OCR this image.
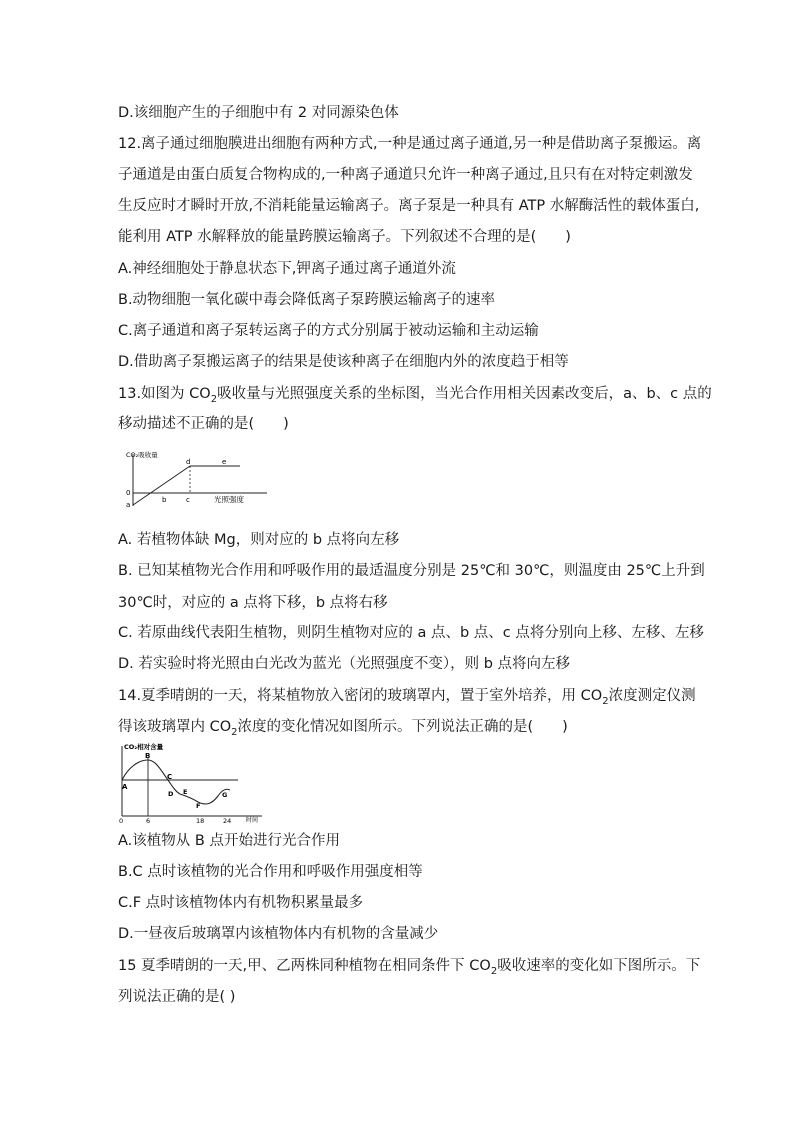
D.该细胞产生的子细胞中有 2 对同源染色体
12.离子通过细胞膜进出细胞有两种方式,一种是通过离子通道,另一种是借助离子泵搬运。离
子通道是由蛋白质复合物构成的,一种离子通道只允许一种离子通过,且只有在对特定刺激发
生反应时才瞬时开放,不消耗能量运输离子。离子泵是一种具有 ATP 水解酶活性的载体蛋白,
能利用 ATP 水解释放的能量跨膜运输离子。下列叙述不合理的是(　　)
A.神经细胞处于静息状态下,钾离子通过离子通道外流
B.动物细胞一氧化碳中毒会降低离子泵跨膜运输离子的速率
C.离子通道和离子泵转运离子的方式分别属于被动运输和主动运输
D.借助离子泵搬运离子的结果是使该种离子在细胞内外的浓度趋于相等
13.如图为 $CO_2$吸收量与光照强度关系的坐标图，当光合作用相关因素改变后，a、b、c 点的
移动描述不正确的是(　　)
CO₂吸收量
光照强度
0
a
b	c
d	e
A. 若植物体缺 Mg，则对应的 b 点将向左移
B. 已知某植物光合作用和呼吸作用的最适温度分别是 25℃和 30℃，则温度由 25℃上升到
30℃时，对应的 a 点将下移，b 点将右移
C. 若原曲线代表阳生植物，则阴生植物对应的 a 点、b 点、c 点将分别向上移、左移、左移
D. 若实验时将光照由白光改为蓝光（光照强度不变），则 b 点将向左移
14.夏季晴朗的一天，将某植物放入密闭的玻璃罩内，置于室外培养，用 $CO_2$浓度测定仪测
得该玻璃罩内 $CO_2$浓度的变化情况如图所示。下列说法正确的是(　　)
CO₂相对含量
时间
0	6	18	24
A
B
C
D E
F
G
A.该植物从 B 点开始进行光合作用
B.C 点时该植物的光合作用和呼吸作用强度相等
C.F 点时该植物体内有机物积累量最多
D.一昼夜后玻璃罩内该植物体内有机物的含量减少
15 夏季晴朗的一天,甲、乙两株同种植物在相同条件下 $CO_2$吸收速率的变化如下图所示。下
列说法正确的是( )
